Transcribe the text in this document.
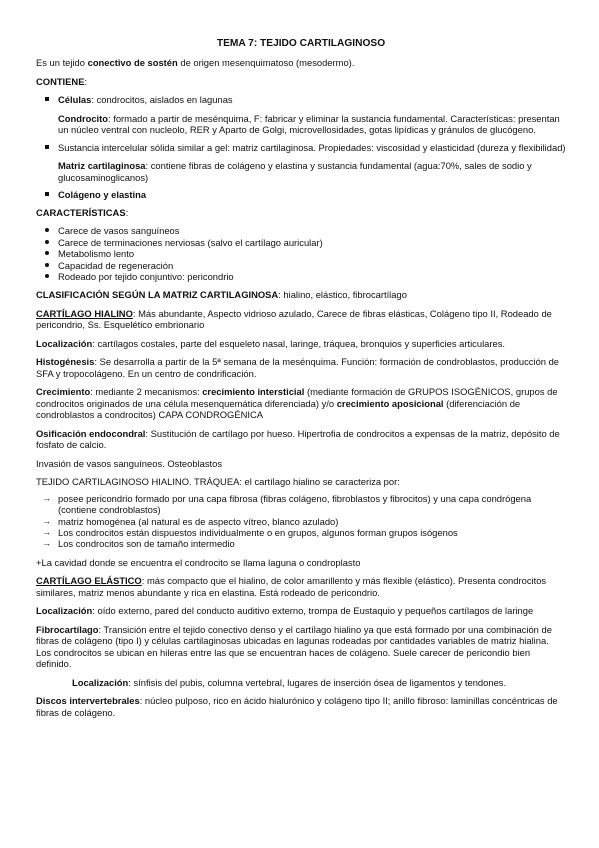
TEMA 7: TEJIDO CARTILAGINOSO

Es un tejido conectivo de sostén de origen mesenquimatoso (mesodermo).

CONTIENE:

Células: condrocitos, aislados en lagunas
Condrocito: formado a partir de mesénquima, F: fabricar y eliminar la sustancia fundamental. Características: presentan un núcleo ventral con nucleolo, RER y Aparto de Golgi, microvellosidades, gotas lipídicas y gránulos de glucógeno.
Sustancia intercelular sólida similar a gel: matriz cartilaginosa. Propiedades: viscosidad y elasticidad (dureza y flexibilidad)
Matriz cartilaginosa: contiene fibras de colágeno y elastina y sustancia fundamental (agua:70%, sales de sodio y glucosaminoglicanos)
Colágeno y elastina

CARACTERÍSTICAS:

Carece de vasos sanguíneos
Carece de terminaciones nerviosas (salvo el cartílago auricular)
Metabolismo lento
Capacidad de regeneración
Rodeado por tejido conjuntivo: pericondrio

CLASIFICACIÓN SEGÚN LA MATRIZ CARTILAGINOSA: hialino, elástico, fibrocartílago

CARTÍLAGO HIALINO: Más abundante, Aspecto vidrioso azulado, Carece de fibras elásticas, Colágeno tipo II, Rodeado de pericondrio, Ss. Esquelético embrionario

Localización: cartílagos costales, parte del esqueleto nasal, laringe, tráquea, bronquios y superficies articulares.

Histogénesis: Se desarrolla a partir de la 5ª semana de la mesénquima. Función: formación de condroblastos, producción de SFA y tropocolágeno. En un centro de condrificación.

Crecimiento: mediante 2 mecanismos: crecimiento intersticial (mediante formación de GRUPOS ISOGÉNICOS, grupos de condrocitos originados de una célula mesenquemática diferenciada) y/o crecimiento aposicional (diferenciación de condroblastos a condrocitos) CAPA CONDROGÉNICA

Osificación endocondral: Sustitución de cartílago por hueso. Hipertrofia de condrocitos a expensas de la matriz, depósito de fosfato de calcio.

Invasión de vasos sanguíneos. Osteoblastos

TEJIDO CARTILAGINOSO HIALINO. TRÁQUEA: el cartílago hialino se caracteriza por:

→ posee pericondrio formado por una capa fibrosa (fibras colágeno, fibroblastos y fibrocitos) y una capa condrógena (contiene condroblastos)
→ matriz homogénea (al natural es de aspecto vítreo, blanco azulado)
→ Los condrocitos están dispuestos individualmente o en grupos, algunos forman grupos isógenos
→ Los condrocitos son de tamaño intermedio

+La cavidad donde se encuentra el condrocito se llama laguna o condroplasto

CARTÍLAGO ELÁSTICO: más compacto que el hialino, de color amarillento y más flexible (elástico). Presenta condrocitos similares, matriz menos abundante y rica en elastina. Está rodeado de pericondrio.

Localización: oído externo, pared del conducto auditivo externo, trompa de Eustaquio y pequeños cartílagos de laringe

Fibrocartílago: Transición entre el tejido conectivo denso y el cartílago hialino ya que está formado por una combinación de fibras de colágeno (tipo I) y células cartilaginosas ubicadas en lagunas rodeadas por cantidades variables de matriz hialina. Los condrocitos se ubican en hileras entre las que se encuentran haces de colágeno. Suele carecer de pericondio bien definido.

Localización: sínfisis del pubis, columna vertebral, lugares de inserción ósea de ligamentos y tendones.

Discos intervertebrales: núcleo pulposo, rico en ácido hialurónico y colágeno tipo II; anillo fibroso: laminillas concéntricas de fibras de colágeno.
